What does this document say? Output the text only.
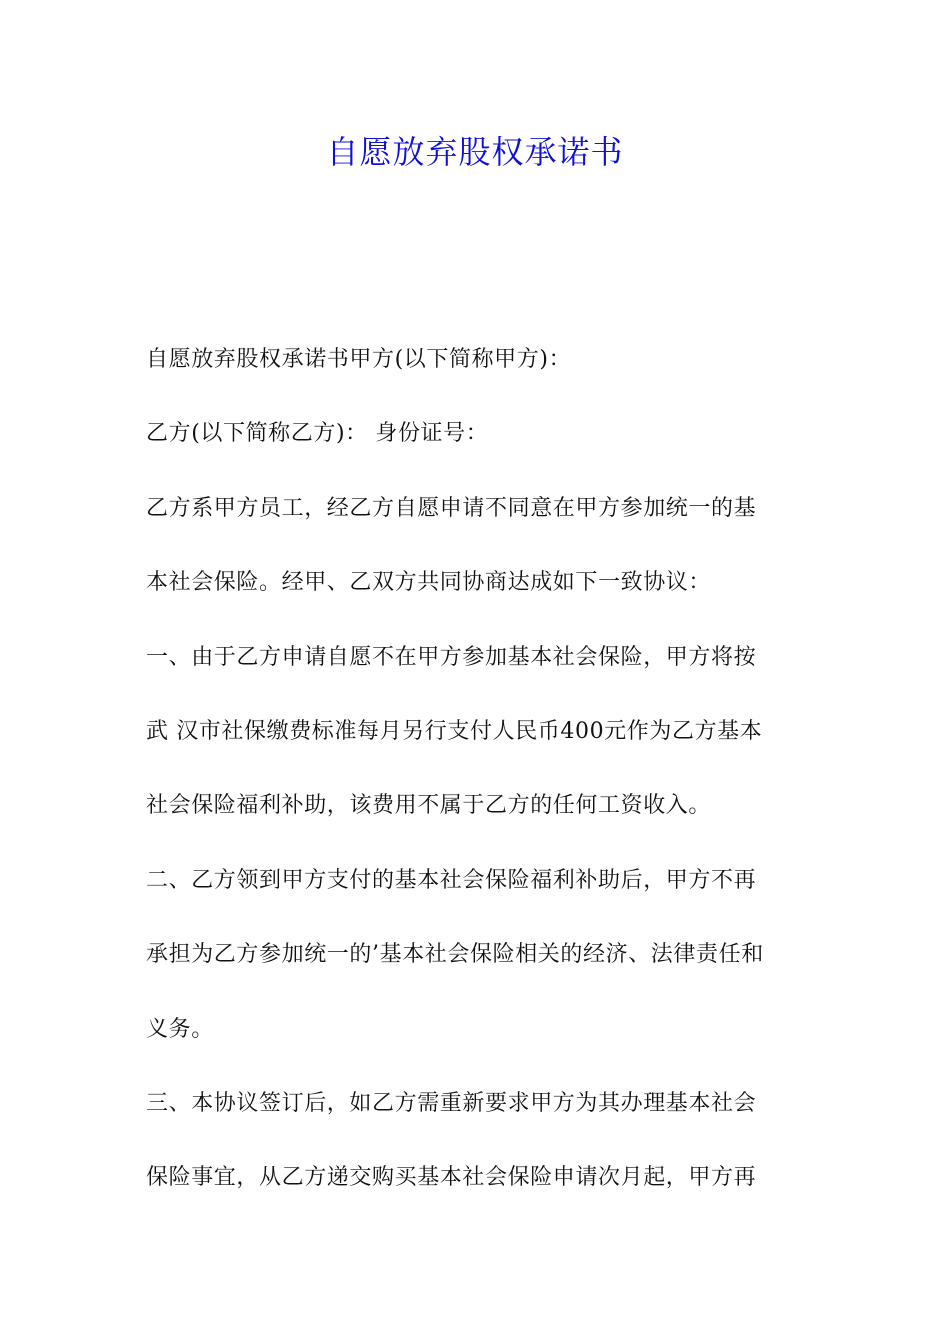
自愿放弃股权承诺书
自愿放弃股权承诺书甲方(以下简称甲方)：
乙方(以下简称乙方)： 身份证号：
乙方系甲方员工，经乙方自愿申请不同意在甲方参加统一的基
本社会保险。经甲、乙双方共同协商达成如下一致协议：
一、由于乙方申请自愿不在甲方参加基本社会保险，甲方将按
武 汉市社保缴费标准每月另行支付人民币400元作为乙方基本
社会保险福利补助，该费用不属于乙方的任何工资收入。
二、乙方领到甲方支付的基本社会保险福利补助后，甲方不再
承担为乙方参加统一的’基本社会保险相关的经济、法律责任和
义务。
三、本协议签订后，如乙方需重新要求甲方为其办理基本社会
保险事宜，从乙方递交购买基本社会保险申请次月起，甲方再
